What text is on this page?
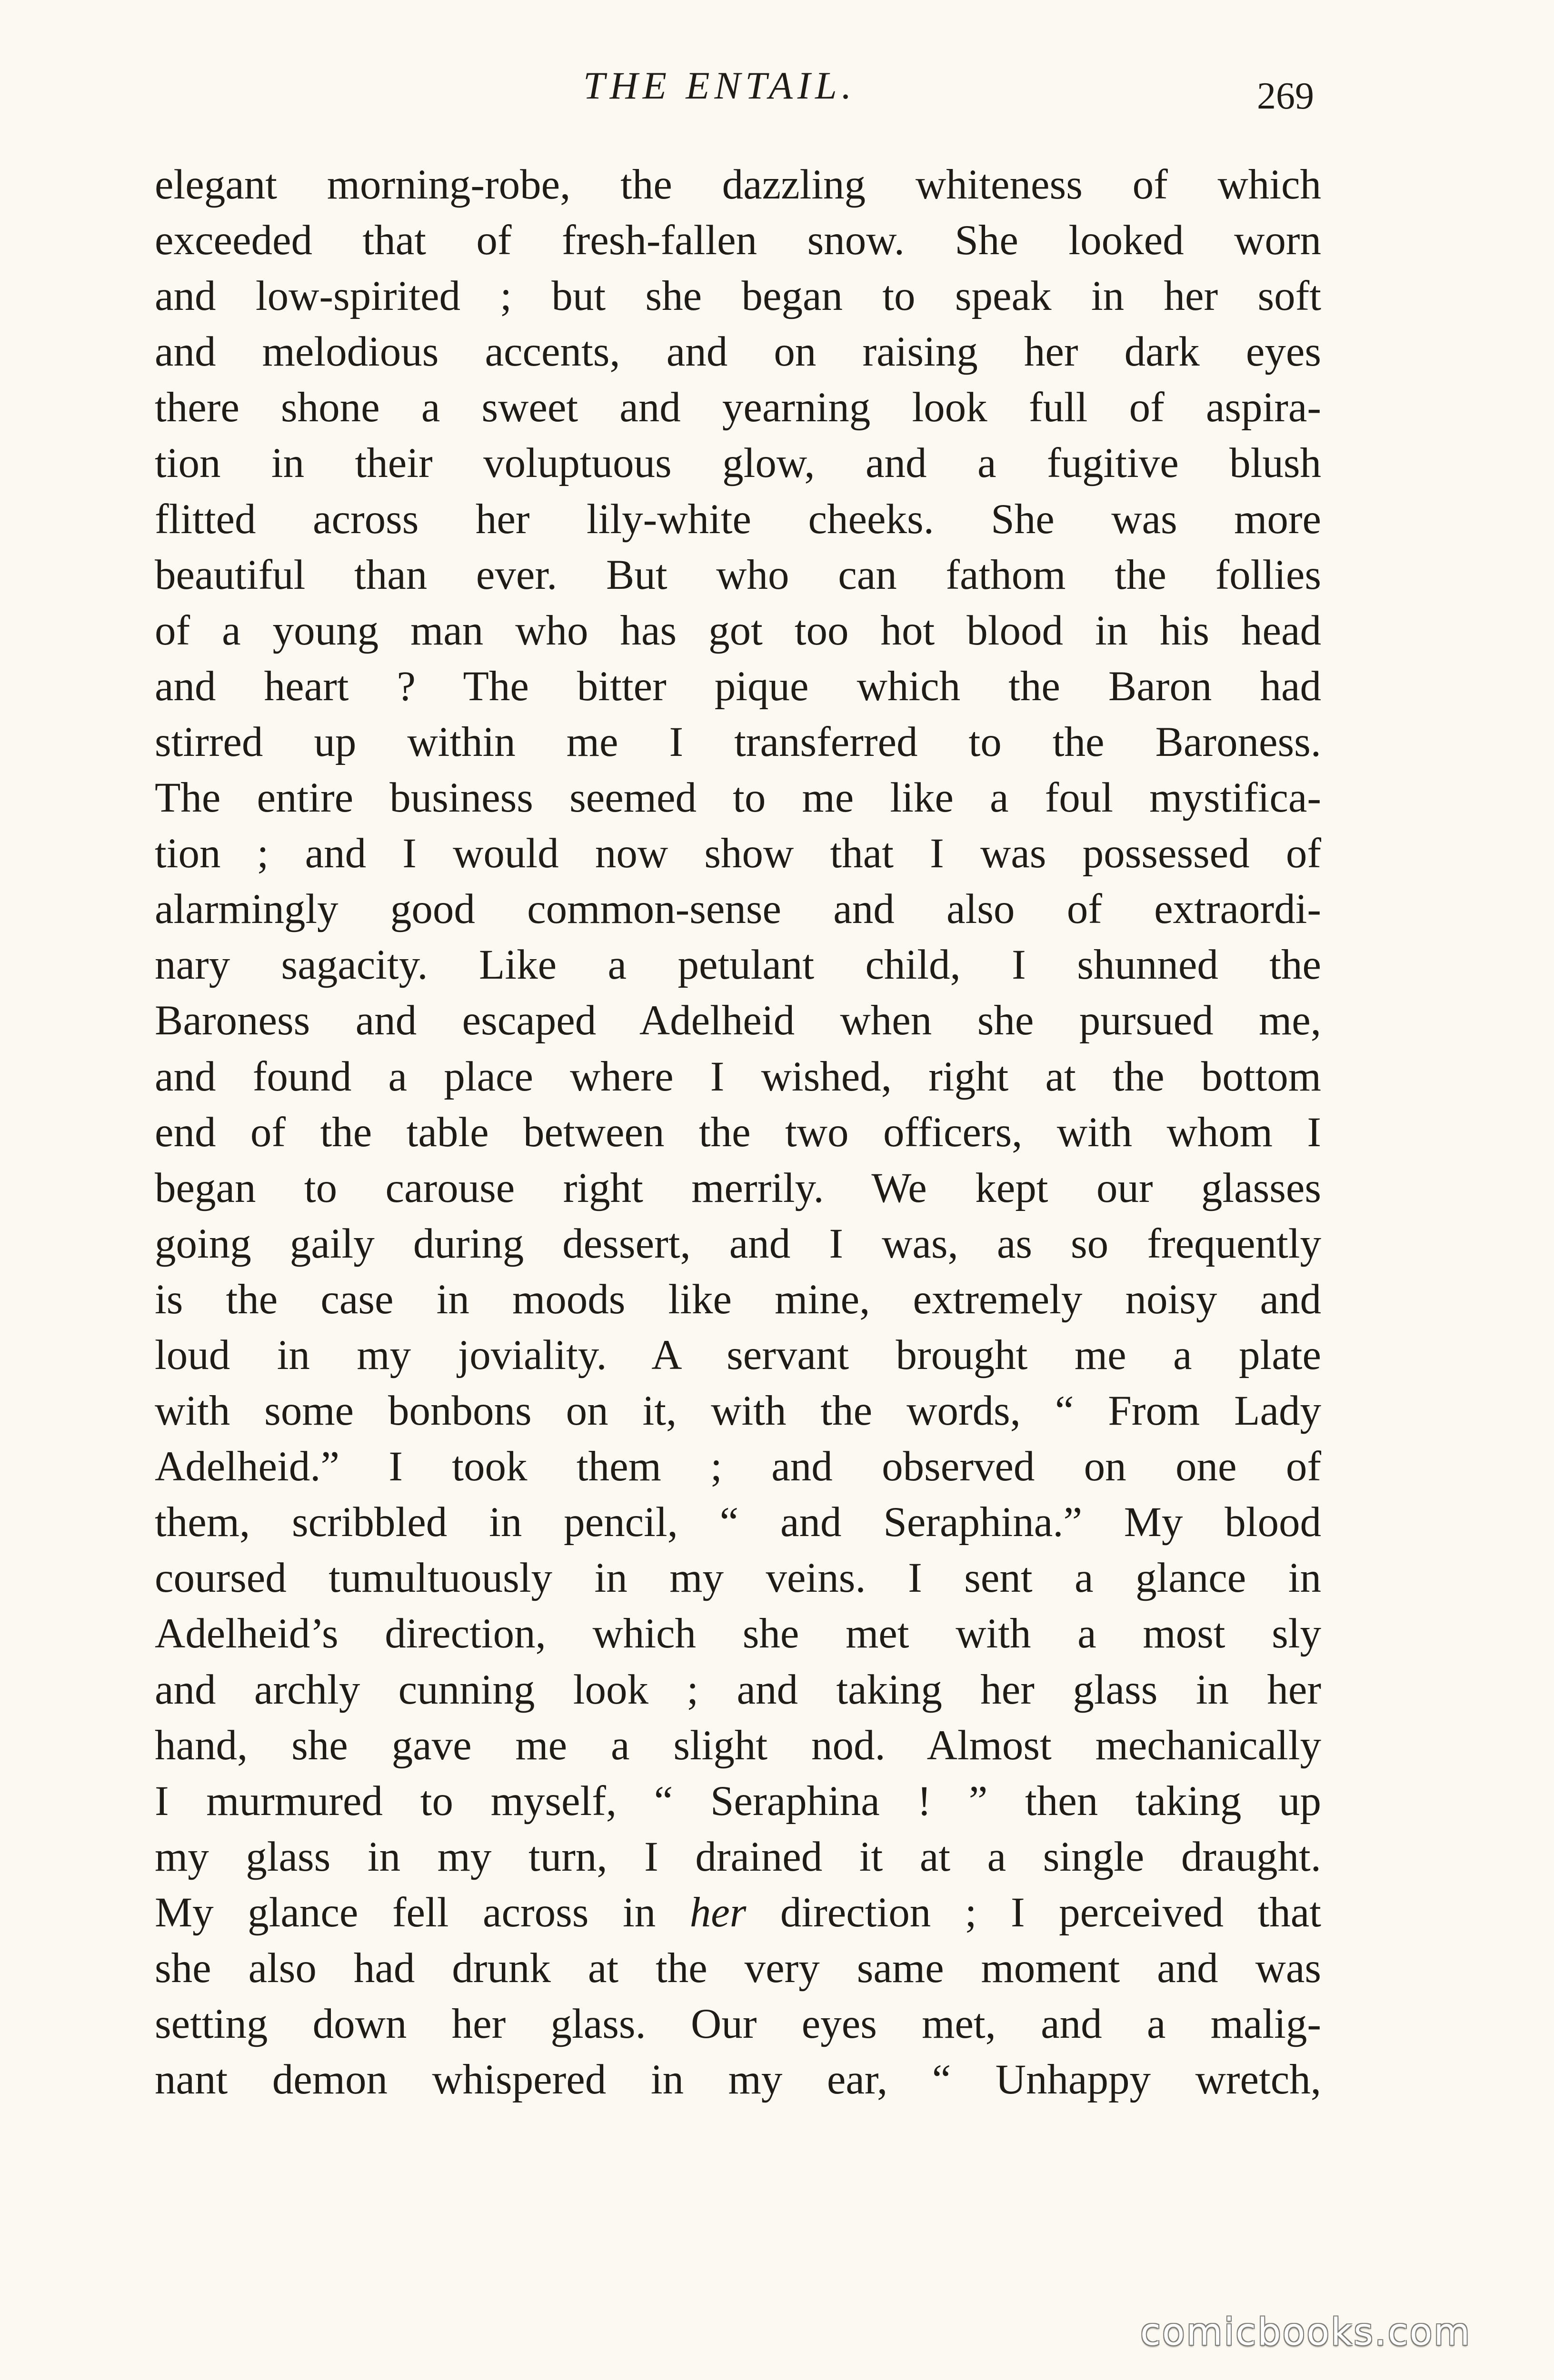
THE ENTAIL.	269
elegant morning-robe, the dazzling whiteness of which
exceeded that of fresh-fallen snow. She looked worn
and low-spirited ; but she began to speak in her soft
and melodious accents, and on raising her dark eyes
there shone a sweet and yearning look full of aspira-
tion in their voluptuous glow, and a fugitive blush
flitted across her lily-white cheeks. She was more
beautiful than ever. But who can fathom the follies
of a young man who has got too hot blood in his head
and heart ? The bitter pique which the Baron had
stirred up within me I transferred to the Baroness.
The entire business seemed to me like a foul mystifica-
tion ; and I would now show that I was possessed of
alarmingly good common-sense and also of extraordi-
nary sagacity. Like a petulant child, I shunned the
Baroness and escaped Adelheid when she pursued me,
and found a place where I wished, right at the bottom
end of the table between the two officers, with whom I
began to carouse right merrily. We kept our glasses
going gaily during dessert, and I was, as so frequently
is the case in moods like mine, extremely noisy and
loud in my joviality. A servant brought me a plate
with some bonbons on it, with the words, “ From Lady
Adelheid.” I took them ; and observed on one of
them, scribbled in pencil, “ and Seraphina.” My blood
coursed tumultuously in my veins. I sent a glance in
Adelheid’s direction, which she met with a most sly
and archly cunning look ; and taking her glass in her
hand, she gave me a slight nod. Almost mechanically
I murmured to myself, “ Seraphina ! ” then taking up
my glass in my turn, I drained it at a single draught.
My glance fell across in her direction ; I perceived that
she also had drunk at the very same moment and was
setting down her glass. Our eyes met, and a malig-
nant demon whispered in my ear, “ Unhappy wretch,
comicbooks.com
